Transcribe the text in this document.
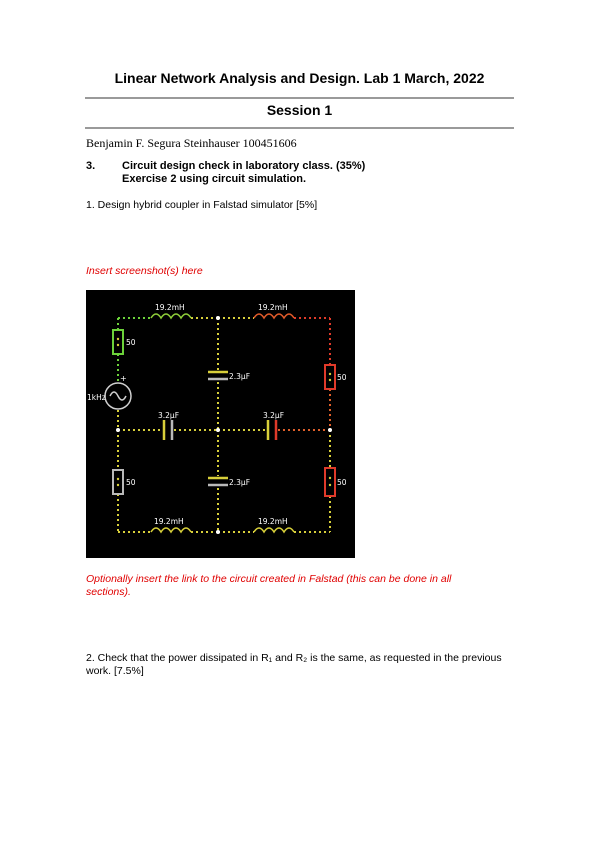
Linear Network Analysis and Design. Lab 1 March, 2022
Session 1
Benjamin F. Segura Steinhauser 100451606
3. Circuit design check in laboratory class. (35%)
Exercise 2 using circuit simulation.
1. Design hybrid coupler in Falstad simulator [5%]
Insert screenshot(s) here
+
19.2mH	19.2mH
19.2mH	19.2mH
2.3µF
2.3µF
3.2µF	3.2µF
50
50
50
50
1kHz
Optionally insert the link to the circuit created in Falstad (this can be done in all sections).
2. Check that the power dissipated in R₁ and R₂ is the same, as requested in the previous work. [7.5%]
